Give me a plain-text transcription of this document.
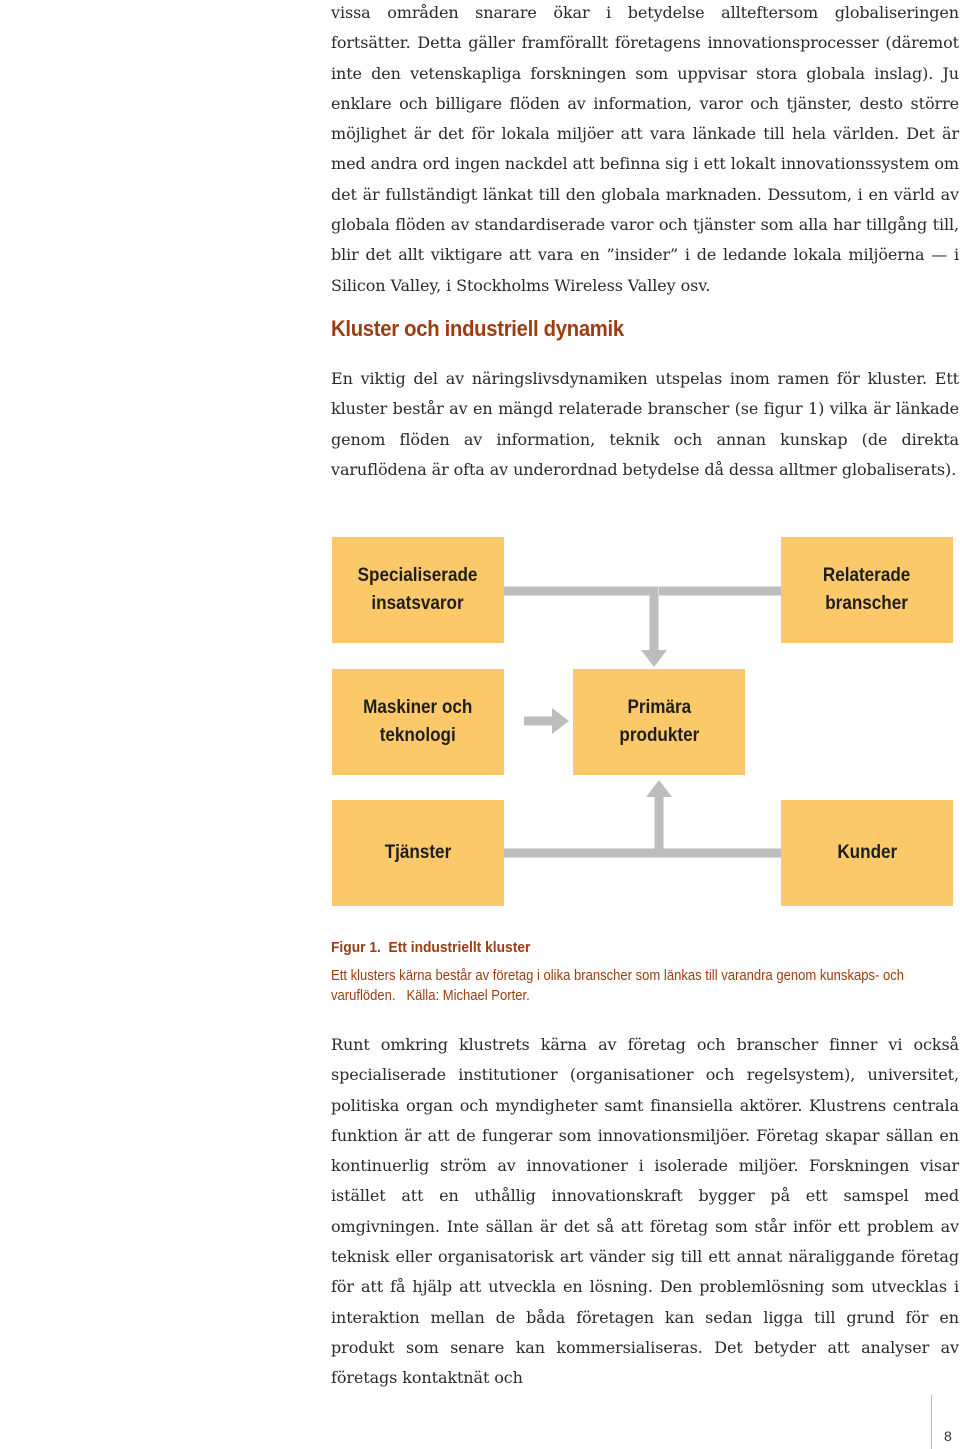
vissa områden snarare ökar i betydelse allteftersom globaliseringen fortsätter. Detta gäller framförallt företagens innovationsprocesser (däremot inte den vetenskapliga forskningen som uppvisar stora globala inslag). Ju enklare och billigare flöden av information, varor och tjänster, desto större möjlighet är det för lokala miljöer att vara länkade till hela världen. Det är med andra ord ingen nackdel att befinna sig i ett lokalt innovationssystem om det är fullständigt länkat till den globala marknaden. Dessutom, i en värld av globala flöden av standardiserade varor och tjänster som alla har tillgång till, blir det allt viktigare att vara en ”insider” i de ledande lokala miljöerna — i Silicon Valley, i Stockholms Wireless Valley osv.

Kluster och industriell dynamik

En viktig del av näringslivsdynamiken utspelas inom ramen för kluster. Ett kluster består av en mängd relaterade branscher (se figur 1) vilka är länkade genom flöden av information, teknik och annan kunskap (de direkta varuflödena är ofta av underordnad betydelse då dessa alltmer globaliserats).

Specialiserade
insatsvaror
Relaterade
branscher
Maskiner och
teknologi
Primära
produkter
Tjänster	Kunder

Figur 1.  Ett industriellt kluster

Ett klusters kärna består av företag i olika branscher som länkas till varandra genom kunskaps- och varuflöden.   Källa: Michael Porter.

Runt omkring klustrets kärna av företag och branscher finner vi också specialiserade institutioner (organisationer och regelsystem), universitet, politiska organ och myndigheter samt finansiella aktörer. Klustrens centrala funktion är att de fungerar som innovationsmiljöer. Företag skapar sällan en kontinuerlig ström av innovationer i isolerade miljöer. Forskningen visar istället att en uthållig innovationskraft bygger på ett samspel med omgivningen. Inte sällan är det så att företag som står inför ett problem av teknisk eller organisatorisk art vänder sig till ett annat näraliggande företag för att få hjälp att utveckla en lösning. Den problemlösning som utvecklas i interaktion mellan de båda företagen kan sedan ligga till grund för en produkt som senare kan kommersialiseras. Det betyder att analyser av företags kontaktnät och

8
